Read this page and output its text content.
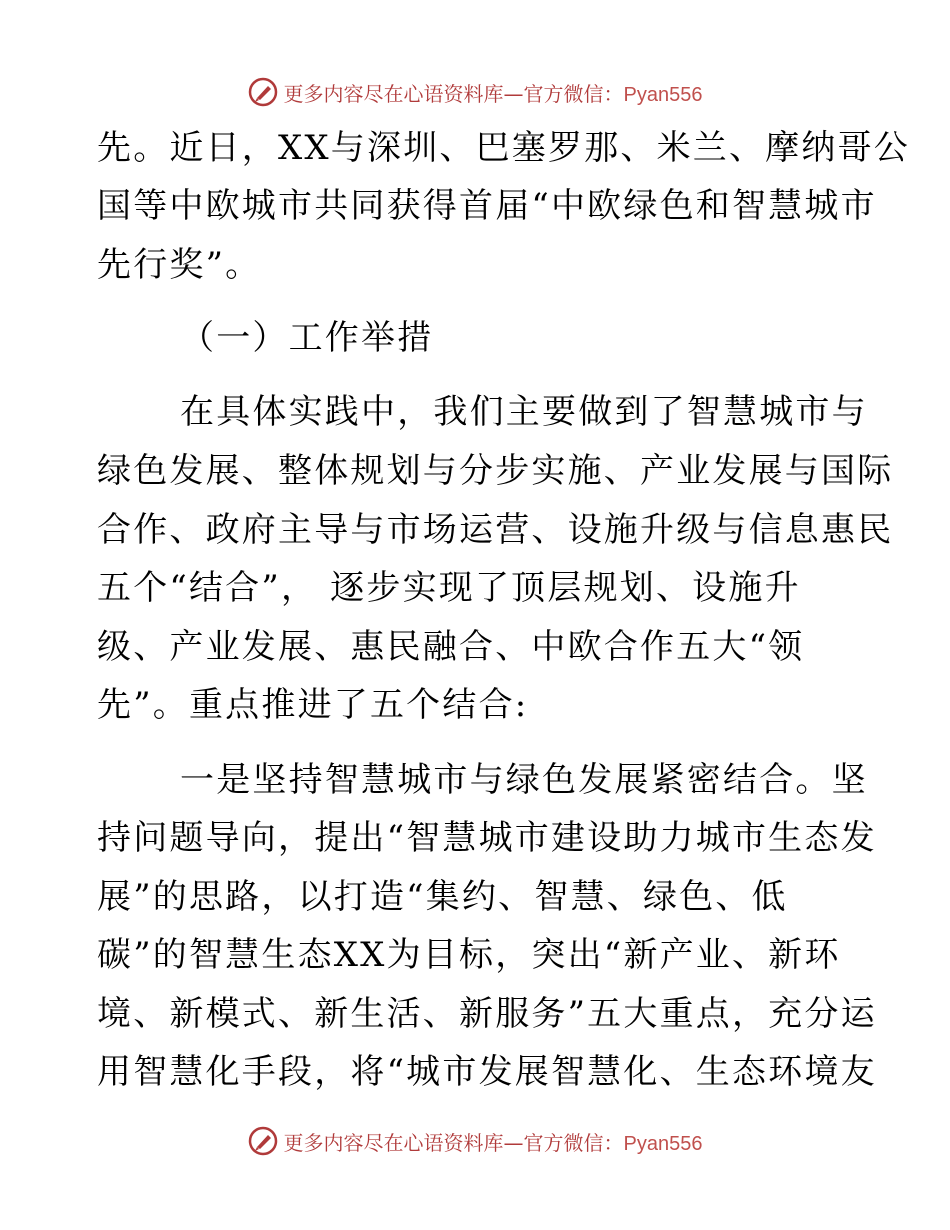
更多内容尽在心语资料库—官方微信：Pyan556
先。近日，XX与深圳、巴塞罗那、米兰、摩纳哥公
国等中欧城市共同获得首届“中欧绿色和智慧城市
先行奖”。
（一）工作举措
在具体实践中，我们主要做到了智慧城市与
绿色发展、整体规划与分步实施、产业发展与国际
合作、政府主导与市场运营、设施升级与信息惠民
五个“结合”， 逐步实现了顶层规划、设施升
级、产业发展、惠民融合、中欧合作五大“领
先”。重点推进了五个结合:
一是坚持智慧城市与绿色发展紧密结合。坚
持问题导向，提出“智慧城市建设助力城市生态发
展”的思路，以打造“集约、智慧、绿色、低
碳”的智慧生态XX为目标，突出“新产业、新环
境、新模式、新生活、新服务”五大重点，充分运
用智慧化手段，将“城市发展智慧化、生态环境友
更多内容尽在心语资料库—官方微信：Pyan556
